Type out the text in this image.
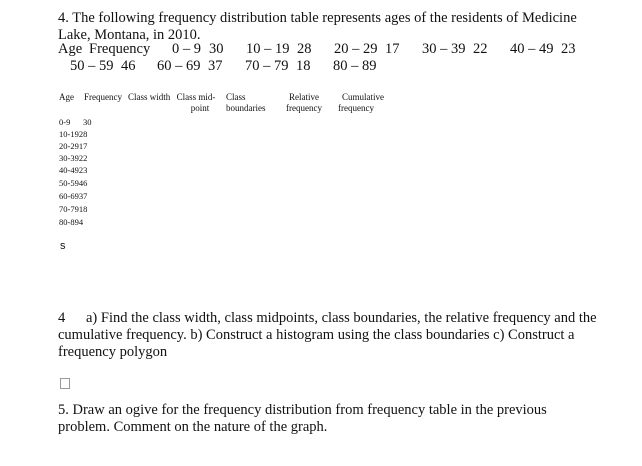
4. The following frequency distribution table represents ages of the residents of Medicine
Lake, Montana, in 2010.
Age Frequency 0 – 9 30 10 – 19 28 20 – 29 17 30 – 39 22 40 – 49 23
50 – 59 46 60 – 69 37 70 – 79 18 80 – 89
Age Frequency Class width Class mid-
point
Class
boundaries
Relative
frequency
Cumulative
frequency
0-9 30
10-1928
20-2917
30-3922
40-4923
50-5946
60-6937
70-7918
80-894
s
4 a) Find the class width, class midpoints, class boundaries, the relative frequency and the cumulative frequency. b) Construct a histogram using the class boundaries c) Construct a frequency polygon
5. Draw an ogive for the frequency distribution from frequency table in the previous problem. Comment on the nature of the graph.
